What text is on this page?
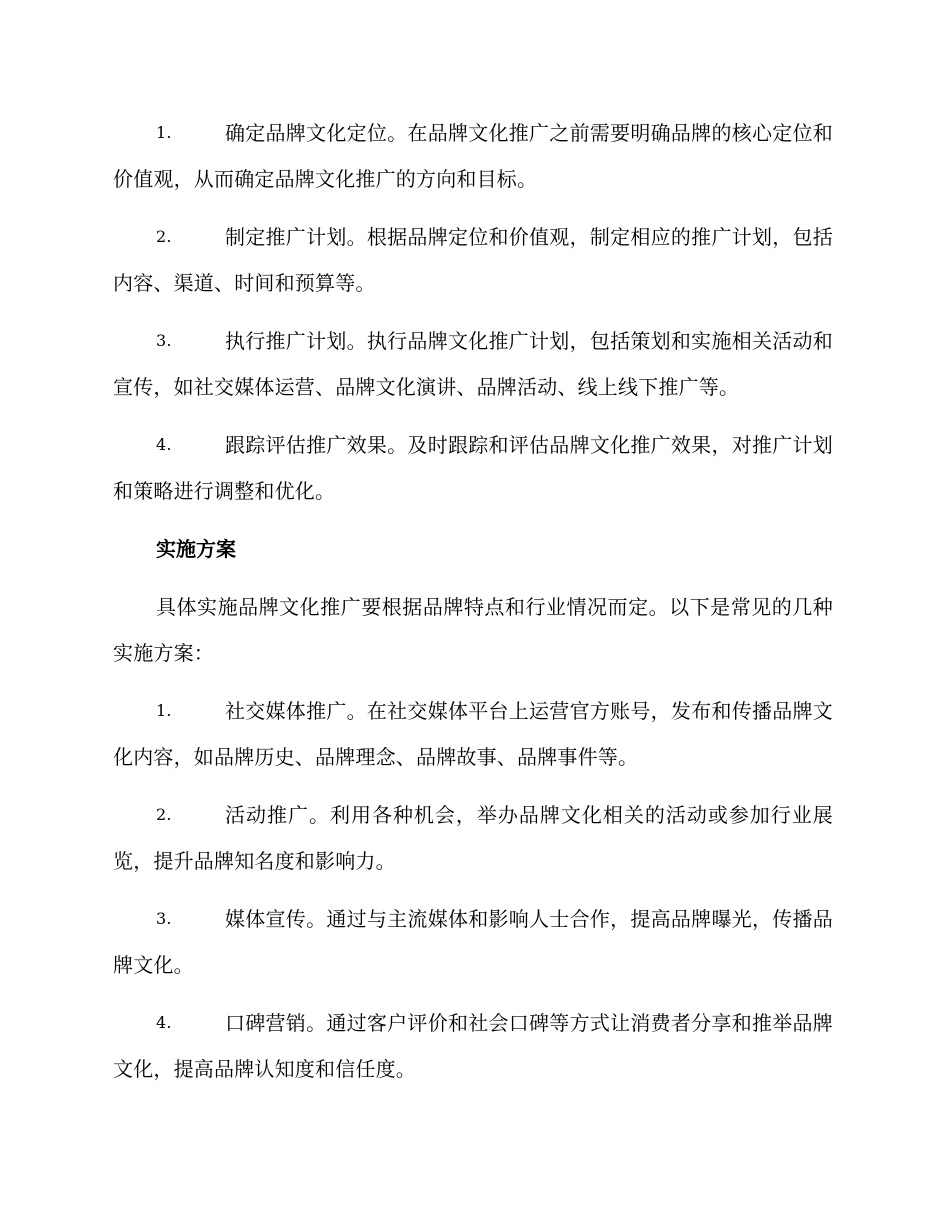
1.	确定品牌文化定位。在品牌文化推广之前需要明确品牌的核心定位和价值观，从而确定品牌文化推广的方向和目标。
2.	制定推广计划。根据品牌定位和价值观，制定相应的推广计划，包括内容、渠道、时间和预算等。
3.	执行推广计划。执行品牌文化推广计划，包括策划和实施相关活动和宣传，如社交媒体运营、品牌文化演讲、品牌活动、线上线下推广等。
4.	跟踪评估推广效果。及时跟踪和评估品牌文化推广效果，对推广计划和策略进行调整和优化。
实施方案
具体实施品牌文化推广要根据品牌特点和行业情况而定。以下是常见的几种实施方案：
1.	社交媒体推广。在社交媒体平台上运营官方账号，发布和传播品牌文化内容，如品牌历史、品牌理念、品牌故事、品牌事件等。
2.	活动推广。利用各种机会，举办品牌文化相关的活动或参加行业展览，提升品牌知名度和影响力。
3.	媒体宣传。通过与主流媒体和影响人士合作，提高品牌曝光，传播品牌文化。
4.	口碑营销。通过客户评价和社会口碑等方式让消费者分享和推举品牌文化，提高品牌认知度和信任度。
